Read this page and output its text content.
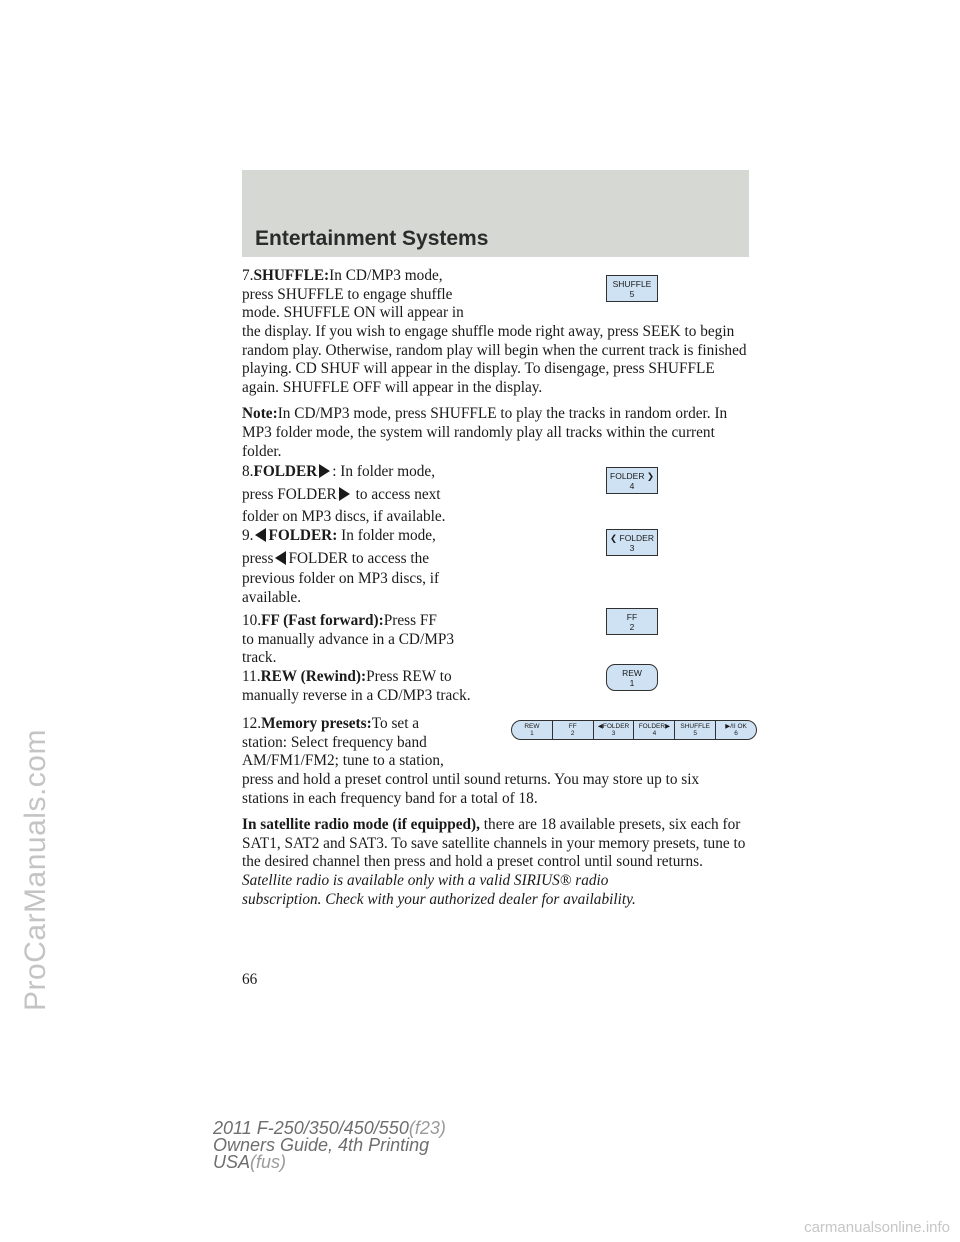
ProCarManuals.com
Entertainment Systems
7.SHUFFLE:In CD/MP3 mode,
press SHUFFLE to engage shuffle
mode. SHUFFLE ON will appear in

the display. If you wish to engage shuffle mode right away, press SEEK to begin random play. Otherwise, random play will begin when the current track is finished playing. CD SHUF will appear in the display. To disengage, press SHUFFLE again. SHUFFLE OFF will appear in the display.

Note:In CD/MP3 mode, press SHUFFLE to play the tracks in random order. In MP3 folder mode, the system will randomly play all tracks within the current folder.

8.FOLDER : In folder mode,
press FOLDER to access next
folder on MP3 discs, if available.
9. FOLDER: In folder mode,
press FOLDER to access the
previous folder on MP3 discs, if
available.
10.FF (Fast forward):Press FF
to manually advance in a CD/MP3
track.
11.REW (Rewind):Press REW to
manually reverse in a CD/MP3 track.
12.Memory presets:To set a
station: Select frequency band
AM/FM1/FM2; tune to a station,

press and hold a preset control until sound returns. You may store up to six stations in each frequency band for a total of 18.

In satellite radio mode (if equipped), there are 18 available presets, six each for SAT1, SAT2 and SAT3. To save satellite channels in your memory presets, tune to the desired channel then press and hold a preset control until sound returns.

Satellite radio is available only with a valid SIRIUS® radio
subscription. Check with your authorized dealer for availability.
SHUFFLE
5
FOLDER ❯
4
❮ FOLDER
3
FF
2
REW
1
REW
1
FF
2
◀FOLDER
3
FOLDER▶
4
SHUFFLE
5
▶/II OK
6
66
2011 F-250/350/450/550(f23)
Owners Guide, 4th Printing
USA(fus)
carmanualsonline.info
